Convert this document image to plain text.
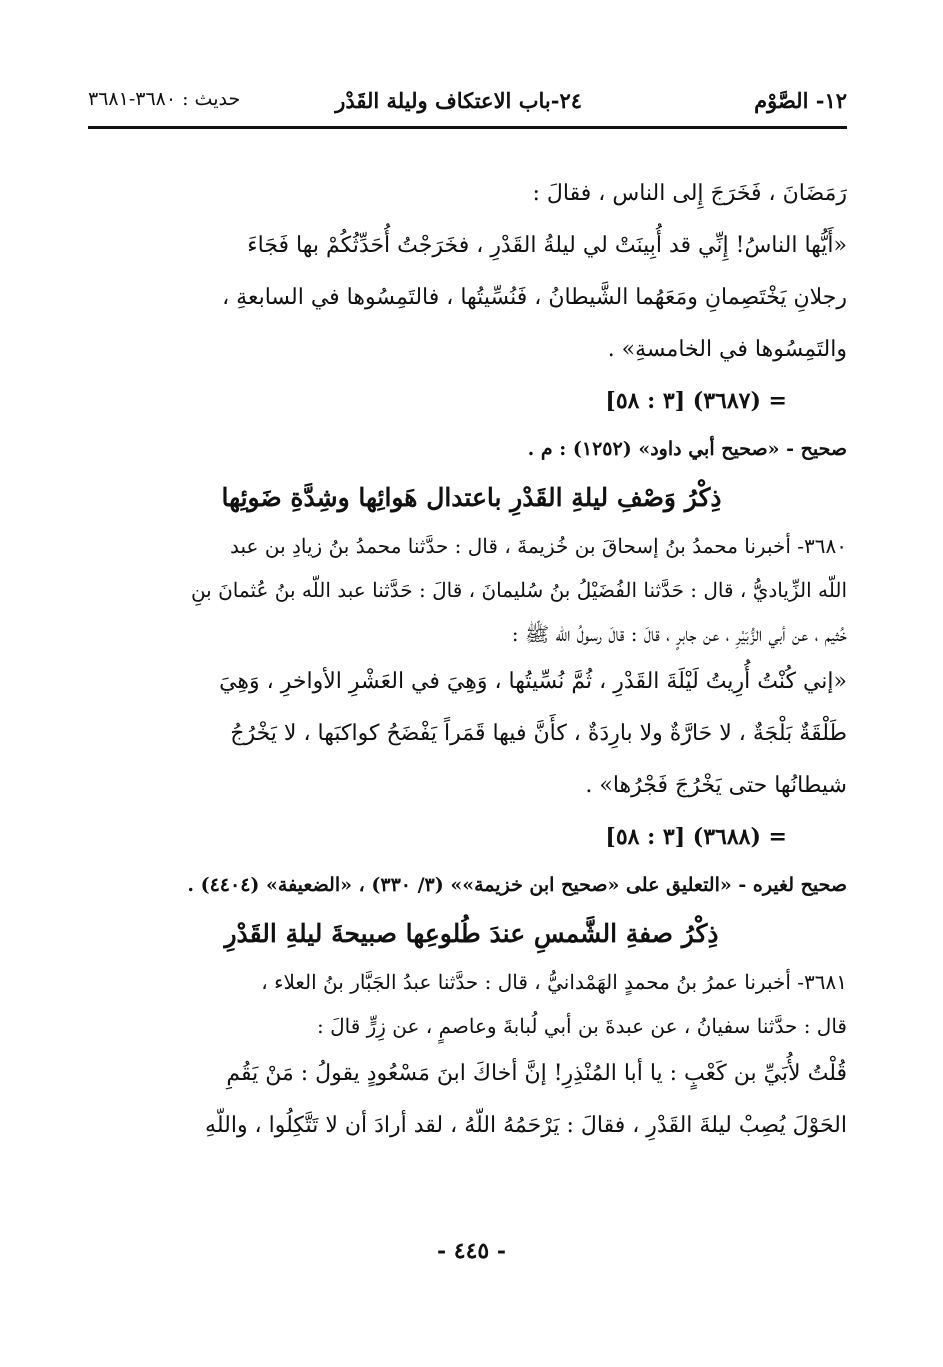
١٢- الصَّوْم
٢٤-باب الاعتكاف وليلة القَدْر
حديث : ٣٦٨٠-٣٦٨١
رَمَضَانَ ، فَخَرَجَ إِلى الناس ، فقالَ :
«أَيُّها الناسُ! إِنِّي قد أُبِينَتْ لي ليلةُ القَدْرِ ، فخَرَجْتُ أُحَدِّثُكُمْ بها فَجَاءَ
رجلانِ يَخْتَصِمانِ ومَعَهُما الشَّيطانُ ، فَنُسِّيتُها ، فالتَمِسُوها في السابعةِ ،
والتَمِسُوها في الخامسةِ» .
= (٣٦٨٧) [٣ : ٥٨]
صحيح - «صحيح أبي داود» (١٢٥٢) : م .
ذِكْرُ وَصْفِ ليلةِ القَدْرِ باعتدال هَوائِها وشِدَّةِ ضَوئِها
٣٦٨٠- أخبرنا محمدُ بنُ إسحاقَ بن خُزيمةَ ، قال : حدَّثنا محمدُ بنُ زيادِ بن عبد
اللّه الزِّياديُّ ، قال : حَدَّثنا الفُضَيْلُ بنُ سُليمانَ ، قالَ : حَدَّثنا عبد اللّه بنُ عُثمانَ بنِ
خُثيم ، عن أبي الزُّبَيْرِ ، عن جابرٍ ، قالَ : قالَ رسولُ اللّه ﷺ :
«إني كُنْتُ أُرِيتُ لَيْلَةَ القَدْرِ ، ثُمَّ نُسِّيتُها ، وَهِيَ في العَشْرِ الأواخرِ ، وَهِيَ
طَلْقَةٌ بَلْجَةٌ ، لا حَارَّةٌ ولا بارِدَةٌ ، كأَنَّ فيها قَمَراً يَفْضَحُ كواكبَها ، لا يَخْرُجُ
شيطانُها حتى يَخْرُجَ فَجْرُها» .
= (٣٦٨٨) [٣ : ٥٨]
صحيح لغيره - «التعليق على «صحيح ابن خزيمة»» (٣/ ٣٣٠) ، «الضعيفة» (٤٤٠٤) .
ذِكْرُ صفةِ الشَّمسِ عندَ طُلوعِها صبيحةَ ليلةِ القَدْرِ
٣٦٨١- أخبرنا عمرُ بنُ محمدٍ الهَمْدانيُّ ، قال : حدَّثنا عبدُ الجَبَّار بنُ العلاء ،
قال : حدَّثنا سفيانُ ، عن عبدةَ بن أبي لُبابةَ وعاصمٍ ، عن زِرٍّ قالَ :
قُلْتُ لأُبَيِّ بن كَعْبٍ : يا أبا المُنْذِرِ! إنَّ أخاكَ ابنَ مَسْعُودٍ يقولُ : مَنْ يَقُمِ
الحَوْلَ يُصِبْ ليلةَ القَدْرِ ، فقالَ : يَرْحَمُهُ اللّهُ ، لقد أرادَ أن لا تَتَّكِلُوا ، واللّهِ
- ٤٤٥ -
